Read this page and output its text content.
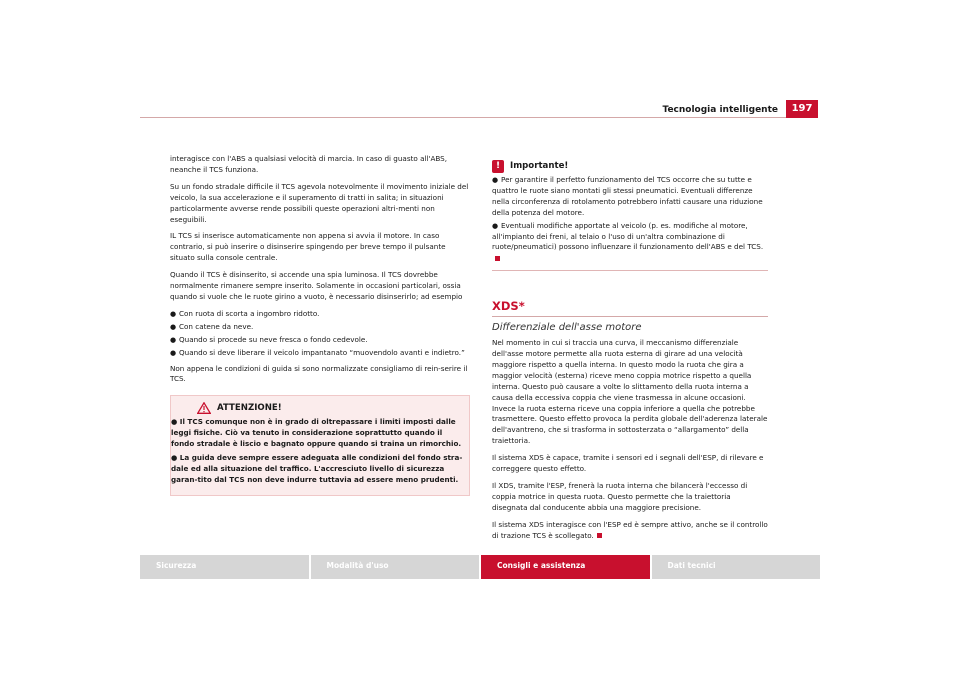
Tecnologia intelligente	197

interagisce con l'ABS a qualsiasi velocità di marcia. In caso di guasto all'ABS, neanche il TCS funziona.

Su un fondo stradale difficile il TCS agevola notevolmente il movimento iniziale del veicolo, la sua accelerazione e il superamento di tratti in salita; in situazioni particolarmente avverse rende possibili queste operazioni altri-menti non eseguibili.

IL TCS si inserisce automaticamente non appena si avvia il motore. In caso contrario, si può inserire o disinserire spingendo per breve tempo il pulsante situato sulla console centrale.

Quando il TCS è disinserito, si accende una spia luminosa. Il TCS dovrebbe normalmente rimanere sempre inserito. Solamente in occasioni particolari, ossia quando si vuole che le ruote girino a vuoto, è necessario disinserirlo; ad esempio

● Con ruota di scorta a ingombro ridotto.
● Con catene da neve.
● Quando si procede su neve fresca o fondo cedevole.
● Quando si deve liberare il veicolo impantanato “muovendolo avanti e indietro.”

Non appena le condizioni di guida si sono normalizzate consigliamo di rein-serire il TCS.

ATTENZIONE!

● Il TCS comunque non è in grado di oltrepassare i limiti imposti dalle leggi fisiche. Ciò va tenuto in considerazione soprattutto quando il fondo stradale è liscio e bagnato oppure quando si traina un rimorchio.

● La guida deve sempre essere adeguata alle condizioni del fondo stra-dale ed alla situazione del traffico. L'accresciuto livello di sicurezza garan-tito dal TCS non deve indurre tuttavia ad essere meno prudenti.

!	Importante!
● Per garantire il perfetto funzionamento del TCS occorre che su tutte e quattro le ruote siano montati gli stessi pneumatici. Eventuali differenze nella circonferenza di rotolamento potrebbero infatti causare una riduzione della potenza del motore.
● Eventuali modifiche apportate al veicolo (p. es. modifiche al motore, all'impianto dei freni, al telaio o l'uso di un'altra combinazione di ruote/pneumatici) possono influenzare il funzionamento dell'ABS e del TCS.
XDS*
Differenziale dell'asse motore

Nel momento in cui si traccia una curva, il meccanismo differenziale dell'asse motore permette alla ruota esterna di girare ad una velocità maggiore rispetto a quella interna. In questo modo la ruota che gira a maggior velocità (esterna) riceve meno coppia motrice rispetto a quella interna. Questo può causare a volte lo slittamento della ruota interna a causa della eccessiva coppia che viene trasmessa in alcune occasioni. Invece la ruota esterna riceve una coppia inferiore a quella che potrebbe trasmettere. Questo effetto provoca la perdita globale dell'aderenza laterale dell'avantreno, che si trasforma in sottosterzata o “allargamento” della traiettoria.

Il sistema XDS è capace, tramite i sensori ed i segnali dell'ESP, di rilevare e correggere questo effetto.

Il XDS, tramite l'ESP, frenerà la ruota interna che bilancerà l'eccesso di coppia motrice in questa ruota. Questo permette che la traiettoria disegnata dal conducente abbia una maggiore precisione.

Il sistema XDS interagisce con l'ESP ed è sempre attivo, anche se il controllo di trazione TCS è scollegato.

Sicurezza	Modalità d'uso	Consigli e assistenza	Dati tecnici
